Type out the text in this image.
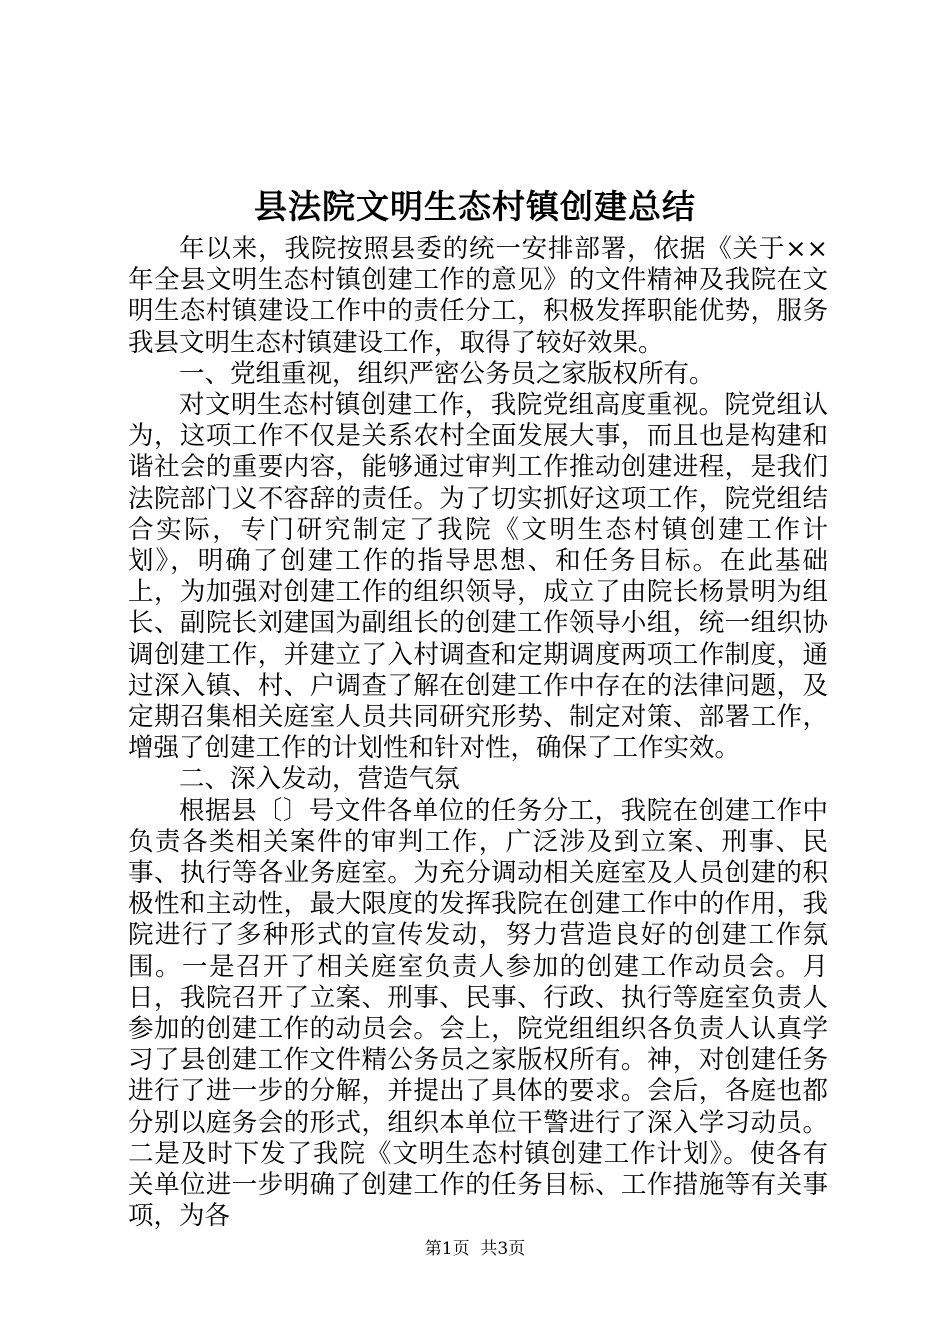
县法院文明生态村镇创建总结

年以来，我院按照县委的统一安排部署，依据《关于××年全县文明生态村镇创建工作的意见》的文件精神及我院在文明生态村镇建设工作中的责任分工，积极发挥职能优势，服务我县文明生态村镇建设工作，取得了较好效果。

一、党组重视，组织严密公务员之家版权所有。

对文明生态村镇创建工作，我院党组高度重视。院党组认为，这项工作不仅是关系农村全面发展大事，而且也是构建和谐社会的重要内容，能够通过审判工作推动创建进程，是我们法院部门义不容辞的责任。为了切实抓好这项工作，院党组结合实际，专门研究制定了我院《文明生态村镇创建工作计划》，明确了创建工作的指导思想、和任务目标。在此基础上，为加强对创建工作的组织领导，成立了由院长杨景明为组长、副院长刘建国为副组长的创建工作领导小组，统一组织协调创建工作，并建立了入村调查和定期调度两项工作制度，通过深入镇、村、户调查了解在创建工作中存在的法律问题，及定期召集相关庭室人员共同研究形势、制定对策、部署工作，增强了创建工作的计划性和针对性，确保了工作实效。

二、深入发动，营造气氛

根据县〔〕号文件各单位的任务分工，我院在创建工作中负责各类相关案件的审判工作，广泛涉及到立案、刑事、民事、执行等各业务庭室。为充分调动相关庭室及人员创建的积极性和主动性，最大限度的发挥我院在创建工作中的作用，我院进行了多种形式的宣传发动，努力营造良好的创建工作氛围。一是召开了相关庭室负责人参加的创建工作动员会。月日，我院召开了立案、刑事、民事、行政、执行等庭室负责人参加的创建工作的动员会。会上，院党组组织各负责人认真学习了县创建工作文件精公务员之家版权所有。神，对创建任务进行了进一步的分解，并提出了具体的要求。会后，各庭也都分别以庭务会的形式，组织本单位干警进行了深入学习动员。二是及时下发了我院《文明生态村镇创建工作计划》。使各有关单位进一步明确了创建工作的任务目标、工作措施等有关事项，为各

第1页  共3页
